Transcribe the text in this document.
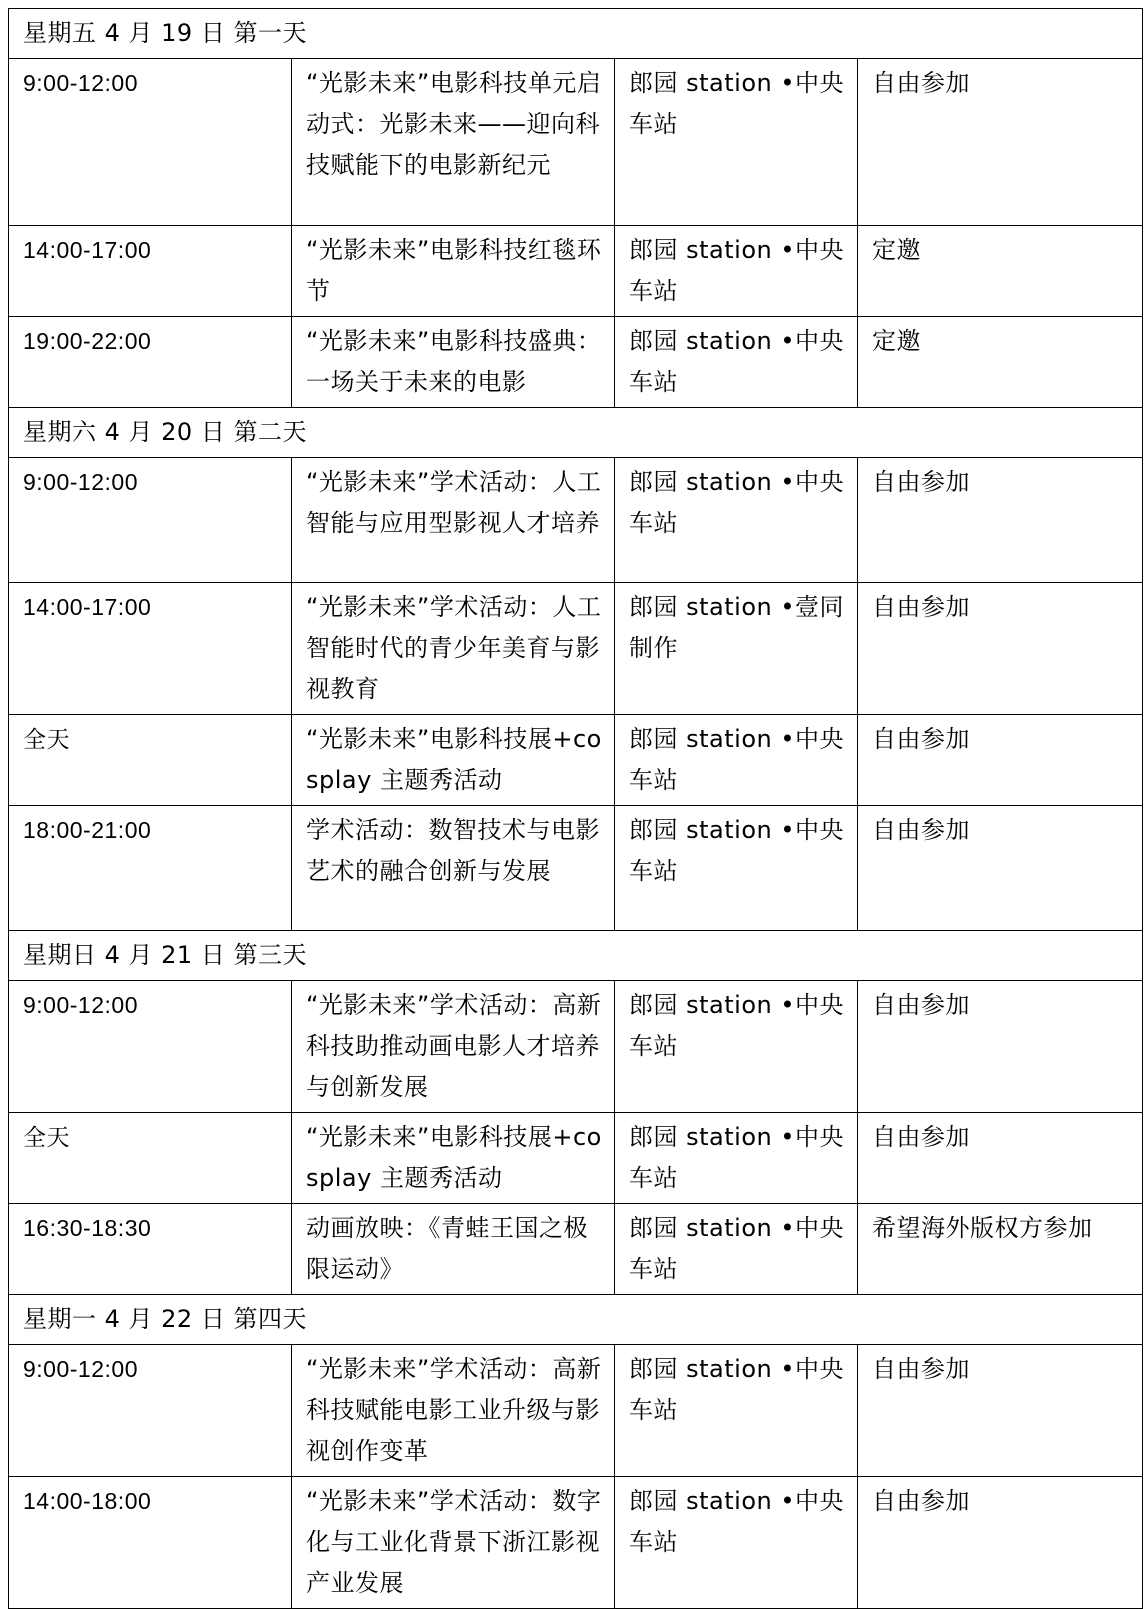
星期五 4 月 19 日 第一天			
9:00-12:00	“光影未来”电影科技单元启动式：光影未来——迎向科技赋能下的电影新纪元	郎园 station •中央车站	自由参加
14:00-17:00	“光影未来”电影科技红毯环节	郎园 station •中央车站	定邀
19:00-22:00	“光影未来”电影科技盛典：一场关于未来的电影	郎园 station •中央车站	定邀
星期六 4 月 20 日 第二天			
9:00-12:00	“光影未来”学术活动：人工智能与应用型影视人才培养	郎园 station •中央车站	自由参加
14:00-17:00	“光影未来”学术活动：人工智能时代的青少年美育与影视教育	郎园 station •壹同制作	自由参加
全天	“光影未来”电影科技展+cosplay 主题秀活动	郎园 station •中央车站	自由参加
18:00-21:00	学术活动：数智技术与电影艺术的融合创新与发展	郎园 station •中央车站	自由参加
星期日 4 月 21 日 第三天			
9:00-12:00	“光影未来”学术活动：高新科技助推动画电影人才培养与创新发展	郎园 station •中央车站	自由参加
全天	“光影未来”电影科技展+cosplay 主题秀活动	郎园 station •中央车站	自由参加
16:30-18:30	动画放映：《青蛙王国之极限运动》	郎园 station •中央车站	希望海外版权方参加
星期一 4 月 22 日 第四天			
9:00-12:00	“光影未来”学术活动：高新科技赋能电影工业升级与影视创作变革	郎园 station •中央车站	自由参加
14:00-18:00	“光影未来”学术活动：数字化与工业化背景下浙江影视产业发展	郎园 station •中央车站	自由参加
